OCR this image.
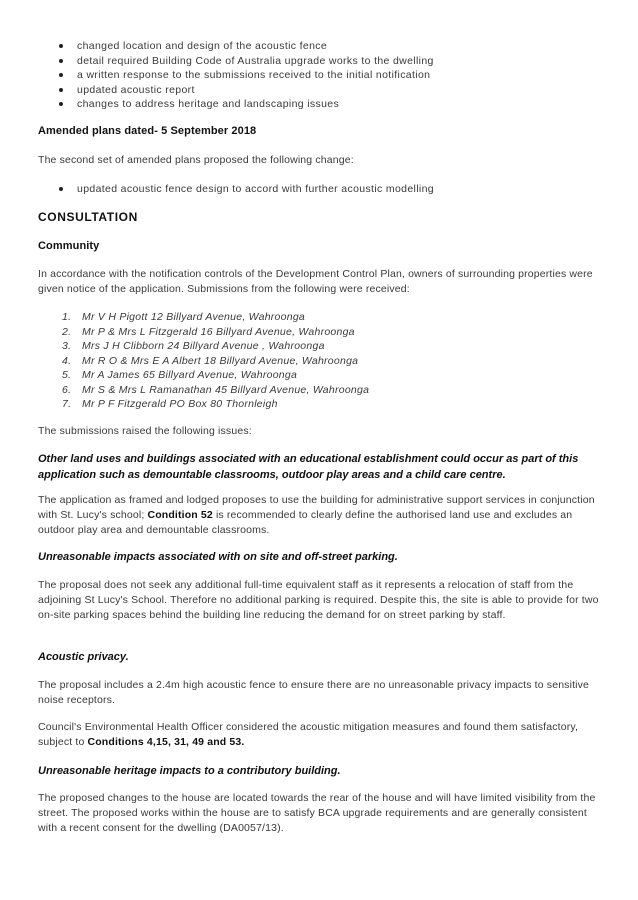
changed location and design of the acoustic fence
detail required Building Code of Australia upgrade works to the dwelling
a written response to the submissions received to the initial notification
updated acoustic report
changes to address heritage and landscaping issues
Amended plans dated- 5 September 2018
The second set of amended plans proposed the following change:
updated acoustic fence design to accord with further acoustic modelling
CONSULTATION
Community
In accordance with the notification controls of the Development Control Plan, owners of surrounding properties were given notice of the application. Submissions from the following were received:
1. Mr V H Pigott 12 Billyard Avenue, Wahroonga
2. Mr P & Mrs L Fitzgerald 16 Billyard Avenue, Wahroonga
3. Mrs J H Clibborn 24 Billyard Avenue , Wahroonga
4. Mr R O & Mrs E A Albert 18 Billyard Avenue, Wahroonga
5. Mr A James 65 Billyard Avenue, Wahroonga
6. Mr S & Mrs L Ramanathan 45 Billyard Avenue, Wahroonga
7. Mr P F Fitzgerald PO Box 80 Thornleigh
The submissions raised the following issues:
Other land uses and buildings associated with an educational establishment could occur as part of this application such as demountable classrooms, outdoor play areas and a child care centre.
The application as framed and lodged proposes to use the building for administrative support services in conjunction with St. Lucy's school; Condition 52 is recommended to clearly define the authorised land use and excludes an outdoor play area and demountable classrooms.
Unreasonable impacts associated with on site and off-street parking.
The proposal does not seek any additional full-time equivalent staff as it represents a relocation of staff from the adjoining St Lucy's School. Therefore no additional parking is required. Despite this, the site is able to provide for two on-site parking spaces behind the building line reducing the demand for on street parking by staff.
Acoustic privacy.
The proposal includes a 2.4m high acoustic fence to ensure there are no unreasonable privacy impacts to sensitive noise receptors.
Council's Environmental Health Officer considered the acoustic mitigation measures and found them satisfactory, subject to Conditions 4,15, 31, 49 and 53.
Unreasonable heritage impacts to a contributory building.
The proposed changes to the house are located towards the rear of the house and will have limited visibility from the street. The proposed works within the house are to satisfy BCA upgrade requirements and are generally consistent with a recent consent for the dwelling (DA0057/13).
